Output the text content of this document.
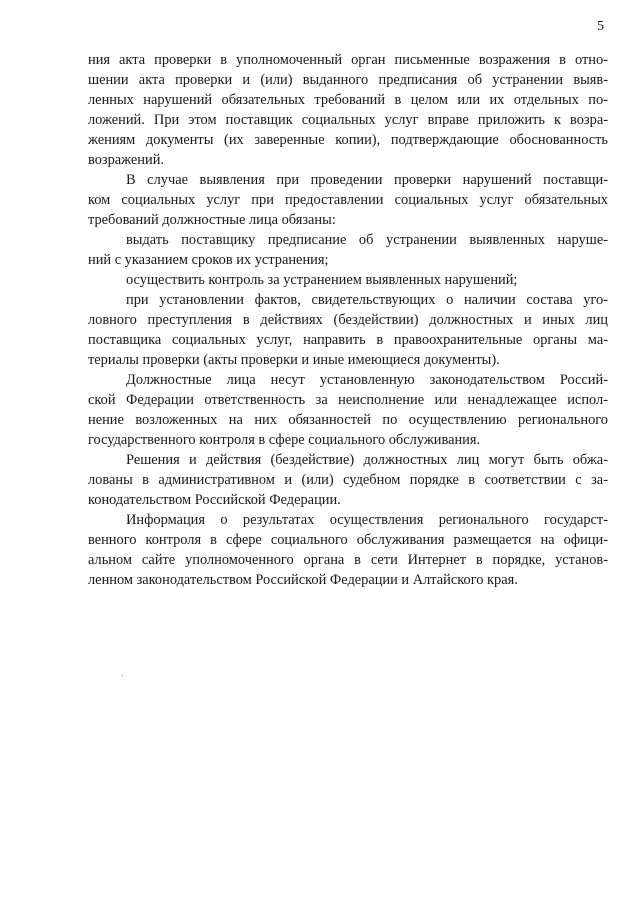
5
ния акта проверки в уполномоченный орган письменные возражения в отно-
шении акта проверки и (или) выданного предписания об устранении выяв-
ленных нарушений обязательных требований в целом или их отдельных по-
ложений. При этом поставщик социальных услуг вправе приложить к возра-
жениям документы (их заверенные копии), подтверждающие обоснованность
возражений.
В случае выявления при проведении проверки нарушений поставщи-
ком социальных услуг при предоставлении социальных услуг обязательных
требований должностные лица обязаны:
выдать поставщику предписание об устранении выявленных наруше-
ний с указанием сроков их устранения;
осуществить контроль за устранением выявленных нарушений;
при установлении фактов, свидетельствующих о наличии состава уго-
ловного преступления в действиях (бездействии) должностных и иных лиц
поставщика социальных услуг, направить в правоохранительные органы ма-
териалы проверки (акты проверки и иные имеющиеся документы).
Должностные лица несут установленную законодательством Россий-
ской Федерации ответственность за неисполнение или ненадлежащее испол-
нение возложенных на них обязанностей по осуществлению регионального
государственного контроля в сфере социального обслуживания.
Решения и действия (бездействие) должностных лиц могут быть обжа-
лованы в административном и (или) судебном порядке в соответствии с за-
конодательством Российской Федерации.
Информация о результатах осуществления регионального государст-
венного контроля в сфере социального обслуживания размещается на офици-
альном сайте уполномоченного органа в сети Интернет в порядке, установ-
ленном законодательством Российской Федерации и Алтайского края.
